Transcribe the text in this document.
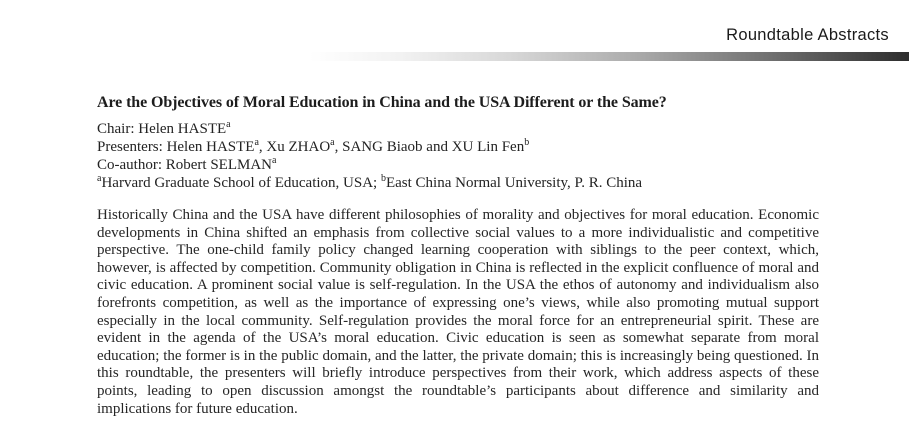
Roundtable Abstracts
Are the Objectives of Moral Education in China and the USA Different or the Same?

Chair: Helen HASTE$^a$

Presenters: Helen HASTE$^a$, Xu ZHAO$^a$, SANG Biaob and XU Lin Fen$^b$

Co-author: Robert SELMAN$^a$

$^a$Harvard Graduate School of Education, USA; $^b$East China Normal University, P. R. China

Historically China and the USA have different philosophies of morality and objectives for moral education. Economic developments in China shifted an emphasis from collective social values to a more individualistic and competitive perspective. The one-child family policy changed learning cooperation with siblings to the peer context, which, however, is affected by competition. Community obligation in China is reflected in the explicit confluence of moral and civic education. A prominent social value is self-regulation. In the USA the ethos of autonomy and individualism also forefronts competition, as well as the importance of expressing one’s views, while also promoting mutual support especially in the local community. Self-regulation provides the moral force for an entrepreneurial spirit. These are evident in the agenda of the USA’s moral education. Civic education is seen as somewhat separate from moral education; the former is in the public domain, and the latter, the private domain; this is increasingly being questioned. In this roundtable, the presenters will briefly introduce perspectives from their work, which address aspects of these points, leading to open discussion amongst the roundtable’s participants about difference and similarity and implications for future education.
